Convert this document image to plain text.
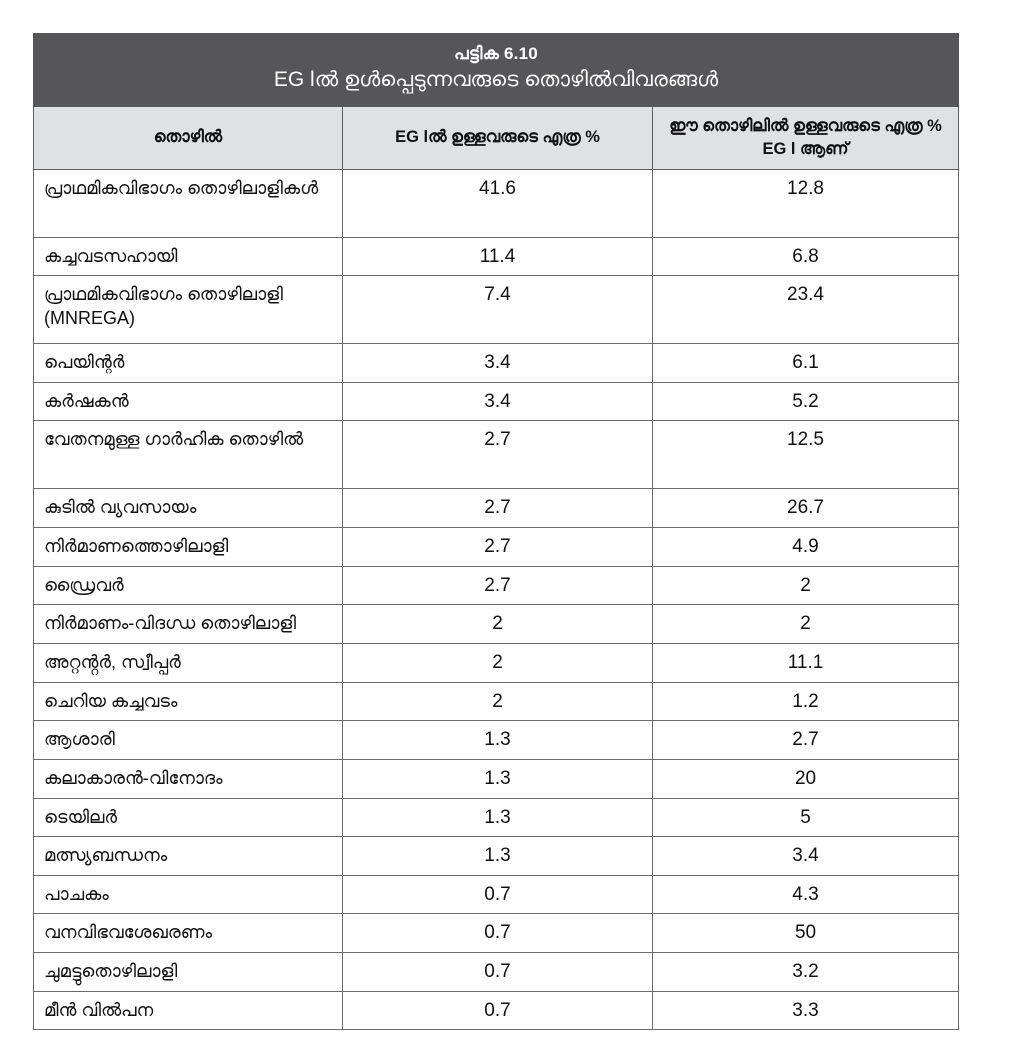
പട്ടിക 6.10
EG lൽ ഉൾപ്പെടുന്നവരുടെ തൊഴിൽവിവരങ്ങൾ		

തൊഴിൽ	EG lൽ ഉള്ളവരുടെ എത്ര %	ഈ തൊഴിലിൽ ഉള്ളവരുടെ എത്ര % EG l ആണ്
പ്രാഥമികവിഭാഗം തൊഴിലാളികൾ	41.6	12.8
കച്ചവടസഹായി	11.4	6.8
പ്രാഥമികവിഭാഗം തൊഴിലാളി (MNREGA)	7.4	23.4
പെയിന്റർ	3.4	6.1
കർഷകൻ	3.4	5.2
വേതനമുള്ള ഗാർഹിക തൊഴിൽ	2.7	12.5
കുടിൽ വ്യവസായം	2.7	26.7
നിർമാണത്തൊഴിലാളി	2.7	4.9
ഡ്രൈവർ	2.7	2
നിർമാണം-വിദഗ്ധ തൊഴിലാളി	2	2
അറ്റൻ്റർ, സ്വീപ്പർ	2	11.1
ചെറിയ കച്ചവടം	2	1.2
ആശാരി	1.3	2.7
കലാകാരൻ-വിനോദം	1.3	20
ടെയിലർ	1.3	5
മത്സ്യബന്ധനം	1.3	3.4
പാചകം	0.7	4.3
വനവിഭവശേഖരണം	0.7	50
ചുമട്ടുതൊഴിലാളി	0.7	3.2
മീൻ വിൽപന	0.7	3.3
